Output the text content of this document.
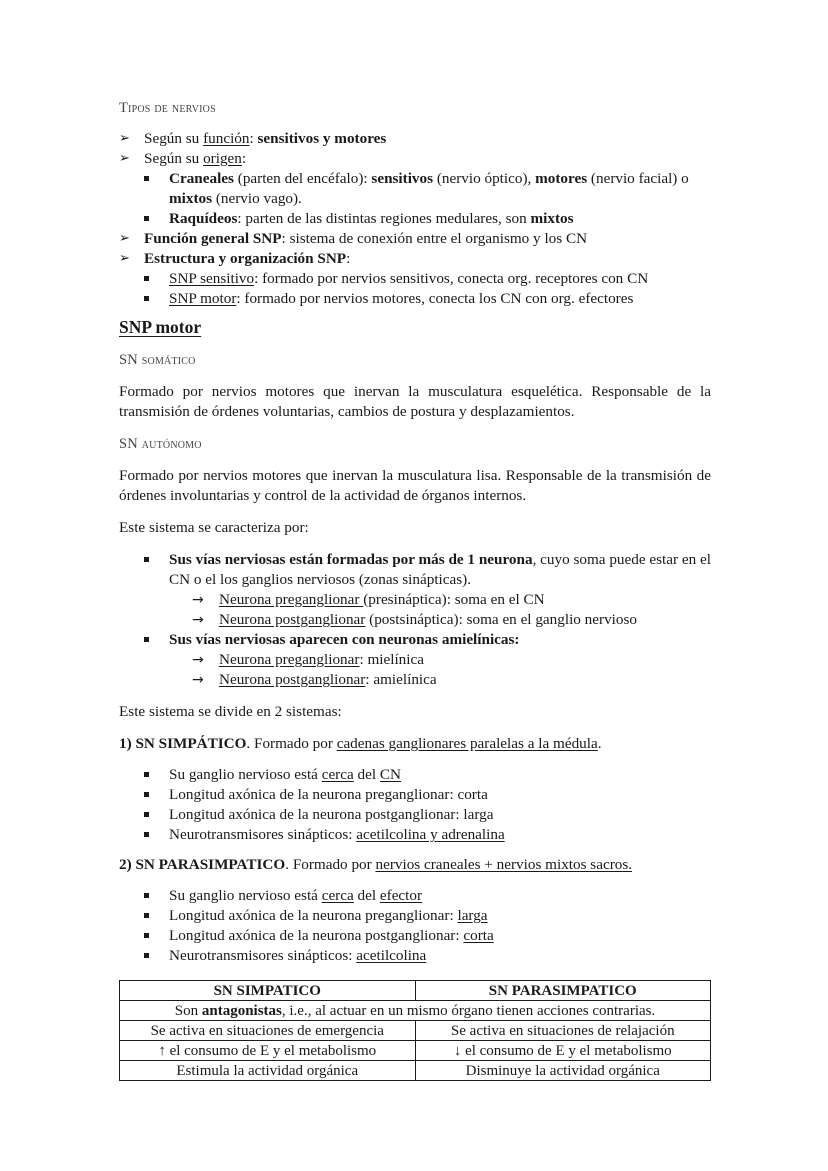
Tipos de nervios
➢ Según su función: sensitivos y motores
➢ Según su origen:
Craneales (parten del encéfalo): sensitivos (nervio óptico), motores (nervio facial) o mixtos (nervio vago).
Raquídeos: parten de las distintas regiones medulares, son mixtos
➢ Función general SNP: sistema de conexión entre el organismo y los CN
➢ Estructura y organización SNP:
SNP sensitivo: formado por nervios sensitivos, conecta org. receptores con CN
SNP motor: formado por nervios motores, conecta los CN con org. efectores
SNP motor
SN somático

Formado por nervios motores que inervan la musculatura esquelética. Responsable de la transmisión de órdenes voluntarias, cambios de postura y desplazamientos.

SN autónomo

Formado por nervios motores que inervan la musculatura lisa. Responsable de la transmisión de órdenes involuntarias y control de la actividad de órganos internos.

Este sistema se caracteriza por:

Sus vías nerviosas están formadas por más de 1 neurona, cuyo soma puede estar en el CN o el los ganglios nerviosos (zonas sinápticas).
→ Neurona preganglionar (presináptica): soma en el CN
→ Neurona postganglionar (postsináptica): soma en el ganglio nervioso
Sus vías nerviosas aparecen con neuronas amielínicas:
→ Neurona preganglionar: mielínica
→ Neurona postganglionar: amielínica

Este sistema se divide en 2 sistemas:

1) SN SIMPÁTICO. Formado por cadenas ganglionares paralelas a la médula.

Su ganglio nervioso está cerca del CN
Longitud axónica de la neurona preganglionar: corta
Longitud axónica de la neurona postganglionar: larga
Neurotransmisores sinápticos: acetilcolina y adrenalina

2) SN PARASIMPATICO. Formado por nervios craneales + nervios mixtos sacros.

Su ganglio nervioso está cerca del efector
Longitud axónica de la neurona preganglionar: larga
Longitud axónica de la neurona postganglionar: corta
Neurotransmisores sinápticos: acetilcolina
SN SIMPATICO	SN PARASIMPATICO
Son antagonistas, i.e., al actuar en un mismo órgano tienen acciones contrarias.	
Se activa en situaciones de emergencia	Se activa en situaciones de relajación
↑ el consumo de E y el metabolismo	↓ el consumo de E y el metabolismo
Estimula la actividad orgánica	Disminuye la actividad orgánica
